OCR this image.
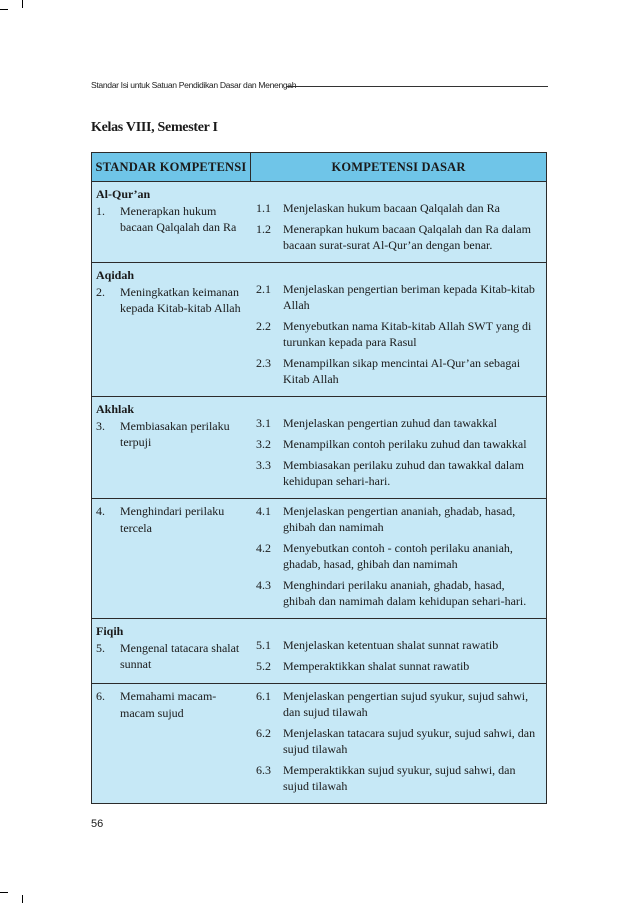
Standar Isi untuk Satuan Pendidikan Dasar dan Menengah
Kelas VIII, Semester I
STANDAR KOMPETENSI	KOMPETENSI DASAR
Al-Qur’an
1.	Menerapkan hukum bacaan Qalqalah dan Ra
1.1	Menjelaskan hukum bacaan Qalqalah dan Ra
1.2	Menerapkan hukum bacaan Qalqalah dan Ra dalam bacaan surat-surat Al-Qur’an dengan benar.
Aqidah
2.	Meningkatkan keimanan kepada Kitab-kitab Allah
2.1	Menjelaskan pengertian beriman kepada Kitab-kitab Allah
2.2	Menyebutkan nama Kitab-kitab Allah SWT yang di turunkan kepada para Rasul
2.3	Menampilkan sikap mencintai Al-Qur’an sebagai Kitab Allah
Akhlak
3.	Membiasakan perilaku terpuji
3.1	Menjelaskan pengertian zuhud dan tawakkal
3.2	Menampilkan contoh perilaku zuhud dan tawakkal
3.3	Membiasakan perilaku zuhud dan tawakkal dalam kehidupan sehari-hari.
4.	Menghindari perilaku tercela
4.1	Menjelaskan pengertian ananiah, ghadab, hasad, ghibah dan namimah
4.2	Menyebutkan contoh - contoh perilaku ananiah, ghadab, hasad, ghibah dan namimah
4.3	Menghindari perilaku ananiah, ghadab, hasad, ghibah dan namimah dalam kehidupan sehari-hari.
Fiqih
5.	Mengenal tatacara shalat sunnat
5.1	Menjelaskan ketentuan shalat sunnat rawatib
5.2	Memperaktikkan shalat sunnat rawatib
6.	Memahami macam-macam sujud
6.1	Menjelaskan pengertian sujud syukur, sujud sahwi, dan sujud tilawah
6.2	Menjelaskan tatacara sujud syukur, sujud sahwi, dan sujud tilawah
6.3	Memperaktikkan sujud syukur, sujud sahwi, dan sujud tilawah
56
